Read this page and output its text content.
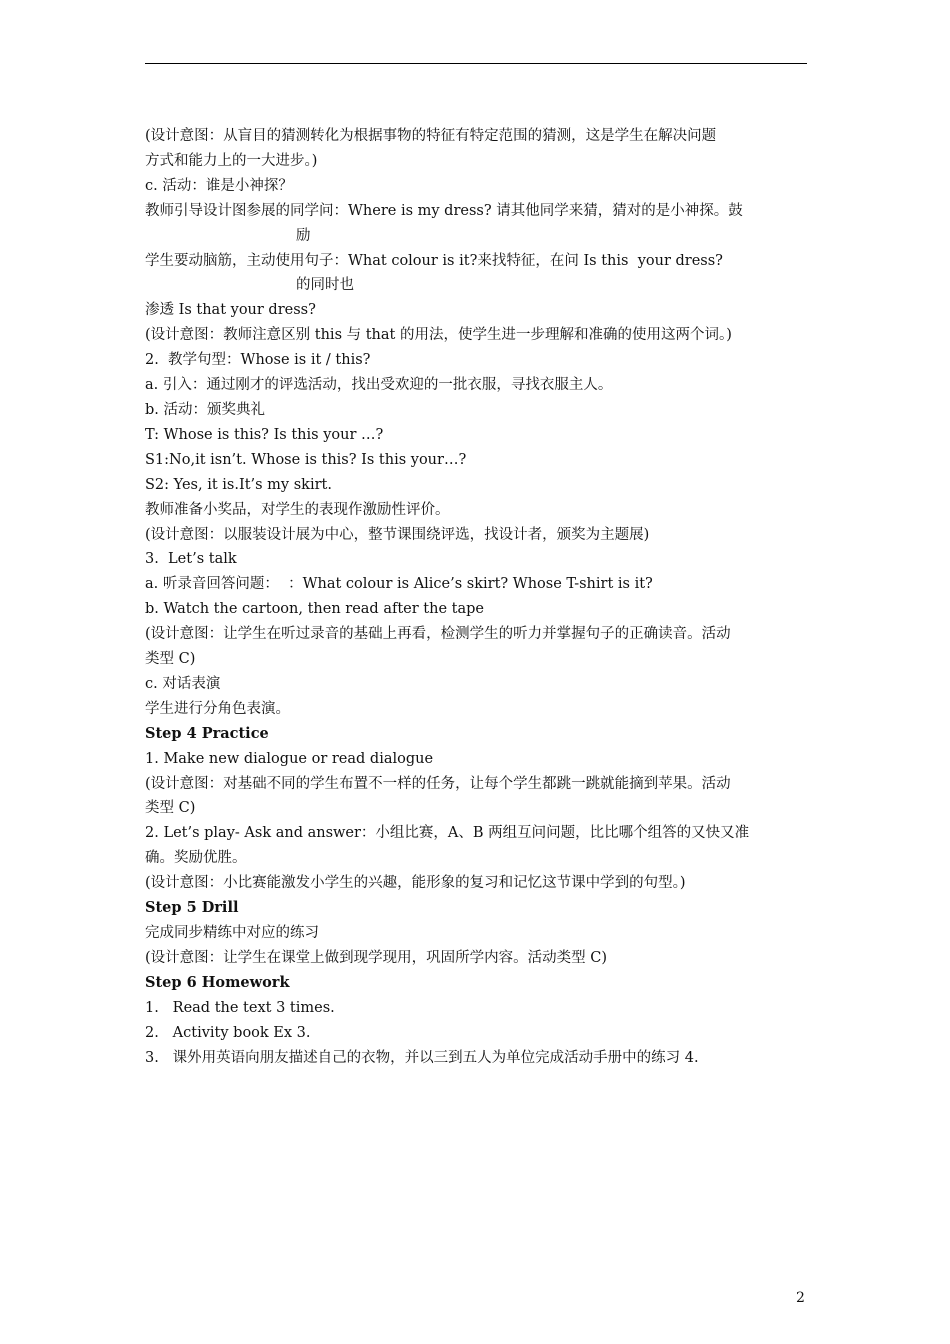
(设计意图：从盲目的猜测转化为根据事物的特征有特定范围的猜测，这是学生在解决问题
方式和能力上的一大进步。)
c. 活动：谁是小神探？
教师引导设计图参展的同学问：Where is my dress? 请其他同学来猜，猜对的是小神探。鼓
励
学生要动脑筋，主动使用句子：What colour is it?来找特征，在问 Is this  your dress?
的同时也
渗透 Is that your dress?
(设计意图：教师注意区别 this 与 that 的用法，使学生进一步理解和准确的使用这两个词。)
2.  教学句型：Whose is it / this?
a. 引入：通过刚才的评选活动，找出受欢迎的一批衣服，寻找衣服主人。
b. 活动：颁奖典礼
T: Whose is this? Is this your …?
S1:No,it isn’t. Whose is this? Is this your…?
S2: Yes, it is.It’s my skirt.
教师准备小奖品，对学生的表现作激励性评价。
(设计意图：以服装设计展为中心，整节课围绕评选，找设计者，颁奖为主题展)
3.  Let’s talk
a. 听录音回答问题：  ：What colour is Alice’s skirt? Whose T-shirt is it?
b. Watch the cartoon, then read after the tape
(设计意图：让学生在听过录音的基础上再看，检测学生的听力并掌握句子的正确读音。活动
类型 C)
c. 对话表演
学生进行分角色表演。
Step 4 Practice
1. Make new dialogue or read dialogue
(设计意图：对基础不同的学生布置不一样的任务，让每个学生都跳一跳就能摘到苹果。活动
类型 C)
2. Let’s play- Ask and answer：小组比赛，A、B 两组互问问题，比比哪个组答的又快又准
确。奖励优胜。
(设计意图：小比赛能激发小学生的兴趣，能形象的复习和记忆这节课中学到的句型。)
Step 5 Drill
完成同步精练中对应的练习
(设计意图：让学生在课堂上做到现学现用，巩固所学内容。活动类型 C)
Step 6 Homework
1.   Read the text 3 times.
2.   Activity book Ex 3.
3.   课外用英语向朋友描述自己的衣物，并以三到五人为单位完成活动手册中的练习 4.
2
